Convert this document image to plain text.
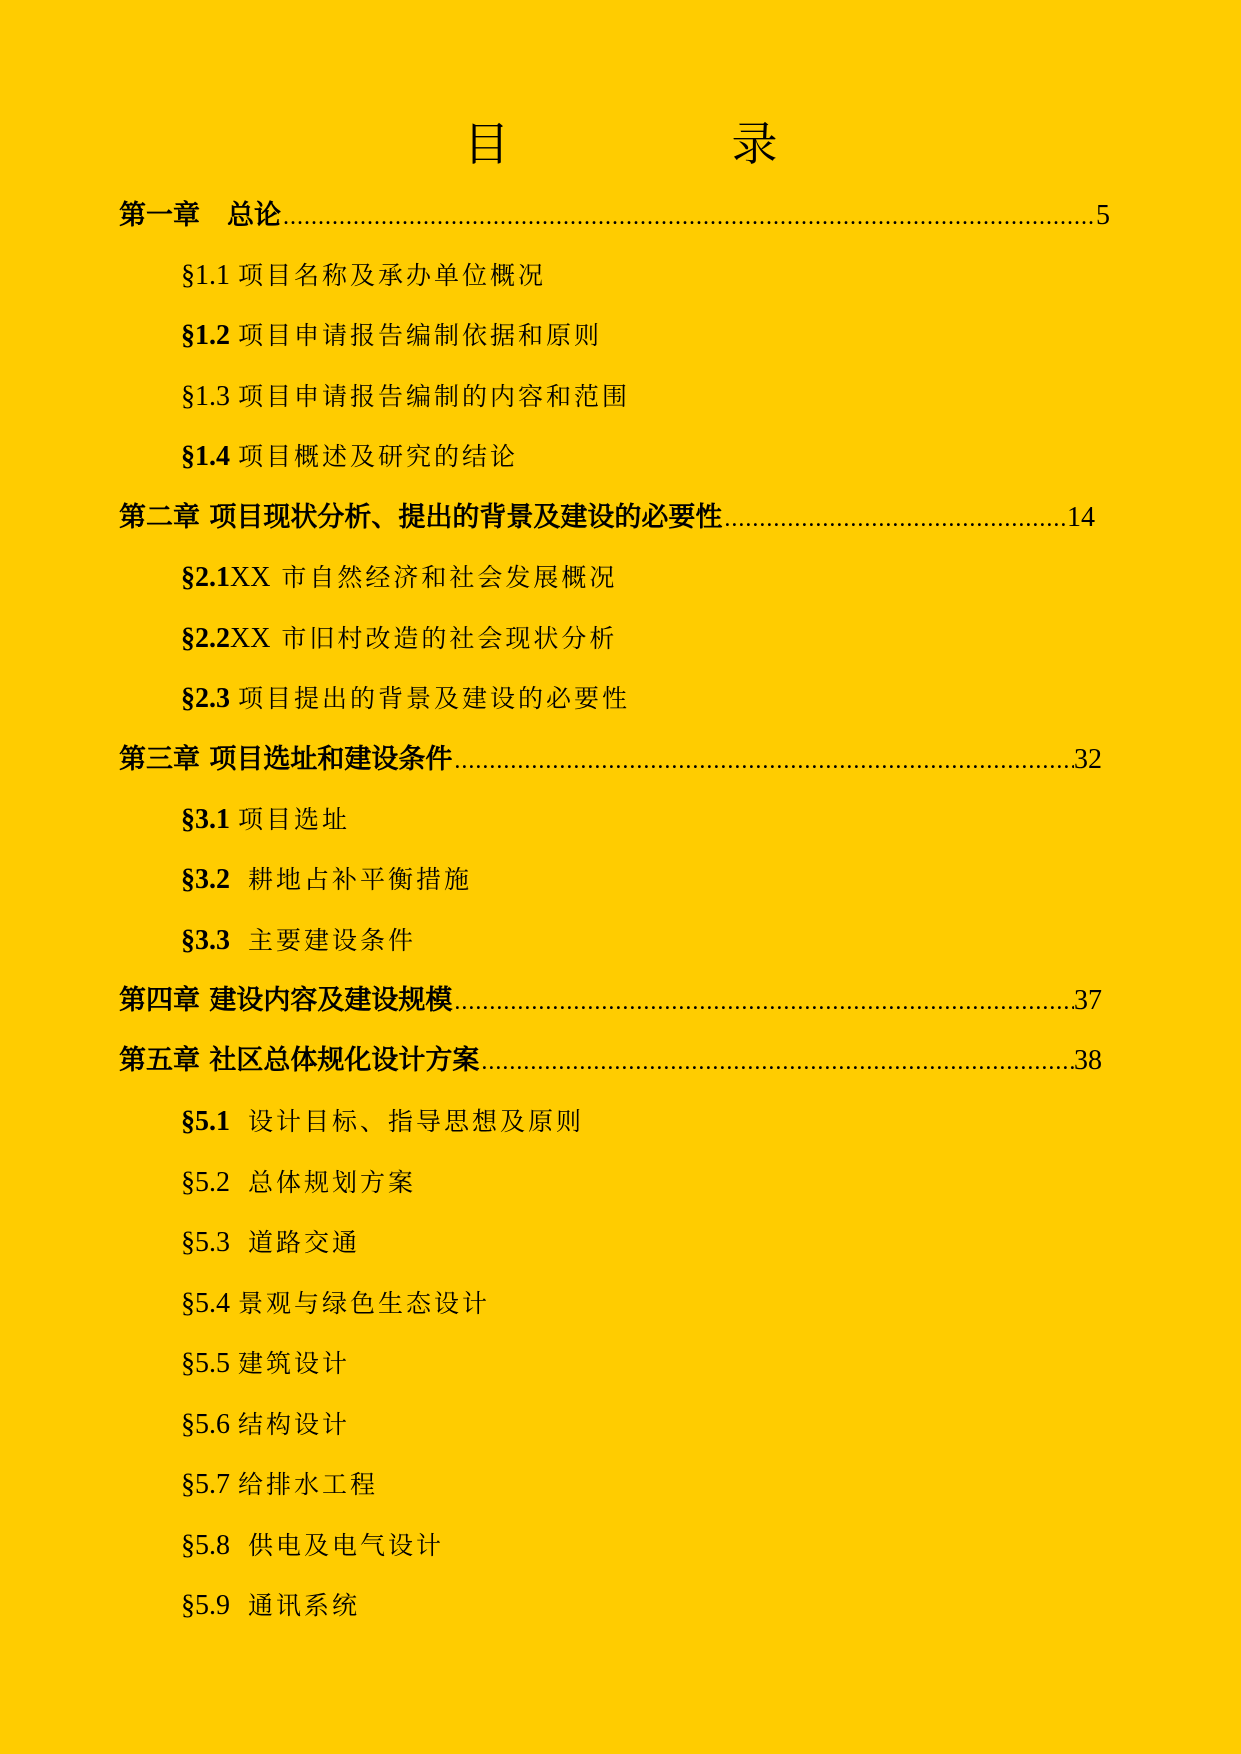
目　录
第一章　总论 .....	5
§1.1 项目名称及承办单位概况
§1.2 项目申请报告编制依据和原则
§1.3 项目申请报告编制的内容和范围
§1.4 项目概述及研究的结论
第二章 项目现状分析、提出的背景及建设的必要性 .....	14
§2.1 XX 市自然经济和社会发展概况
§2.2 XX 市旧村改造的社会现状分析
§2.3 项目提出的背景及建设的必要性
第三章 项目选址和建设条件 .....	32
§3.1 项目选址
§3.2 耕地占补平衡措施
§3.3 主要建设条件
第四章 建设内容及建设规模 .....	37
第五章 社区总体规化设计方案 .....	38
§5.1 设计目标、指导思想及原则
§5.2 总体规划方案
§5.3 道路交通
§5.4 景观与绿色生态设计
§5.5 建筑设计
§5.6 结构设计
§5.7 给排水工程
§5.8 供电及电气设计
§5.9 通讯系统
